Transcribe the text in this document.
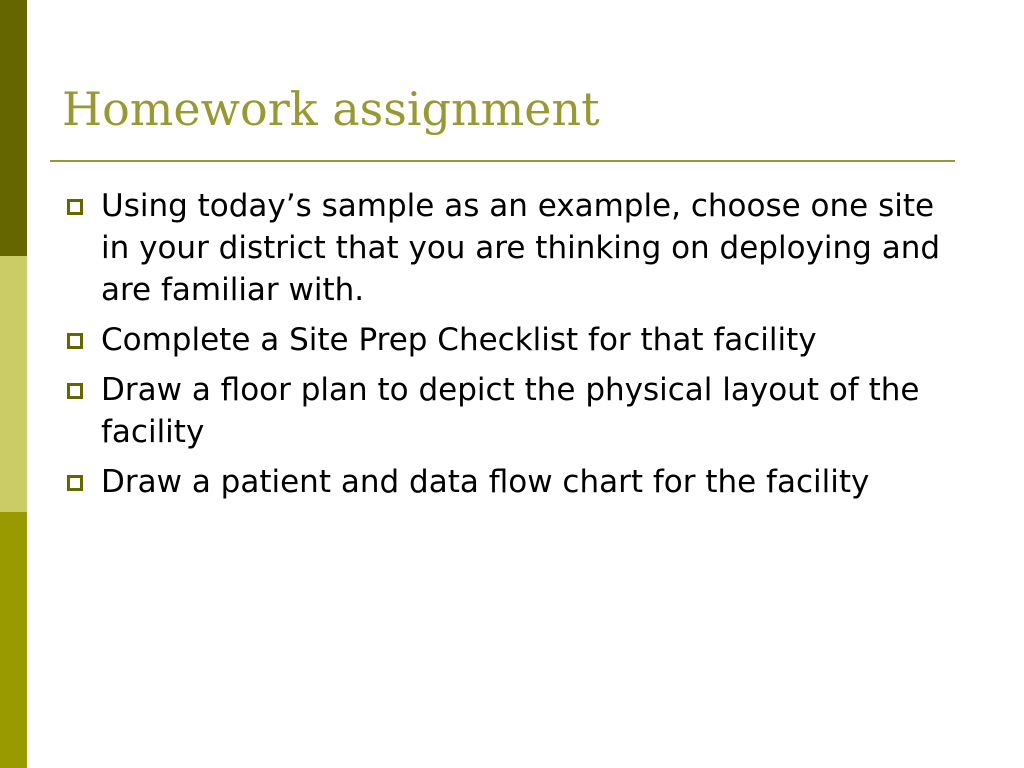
Homework assignment
Using today’s sample as an example, choose one site in your district that you are thinking on deploying and are familiar with.
Complete a Site Prep Checklist for that facility
Draw a floor plan to depict the physical layout of the facility
Draw a patient and data flow chart for the facility
